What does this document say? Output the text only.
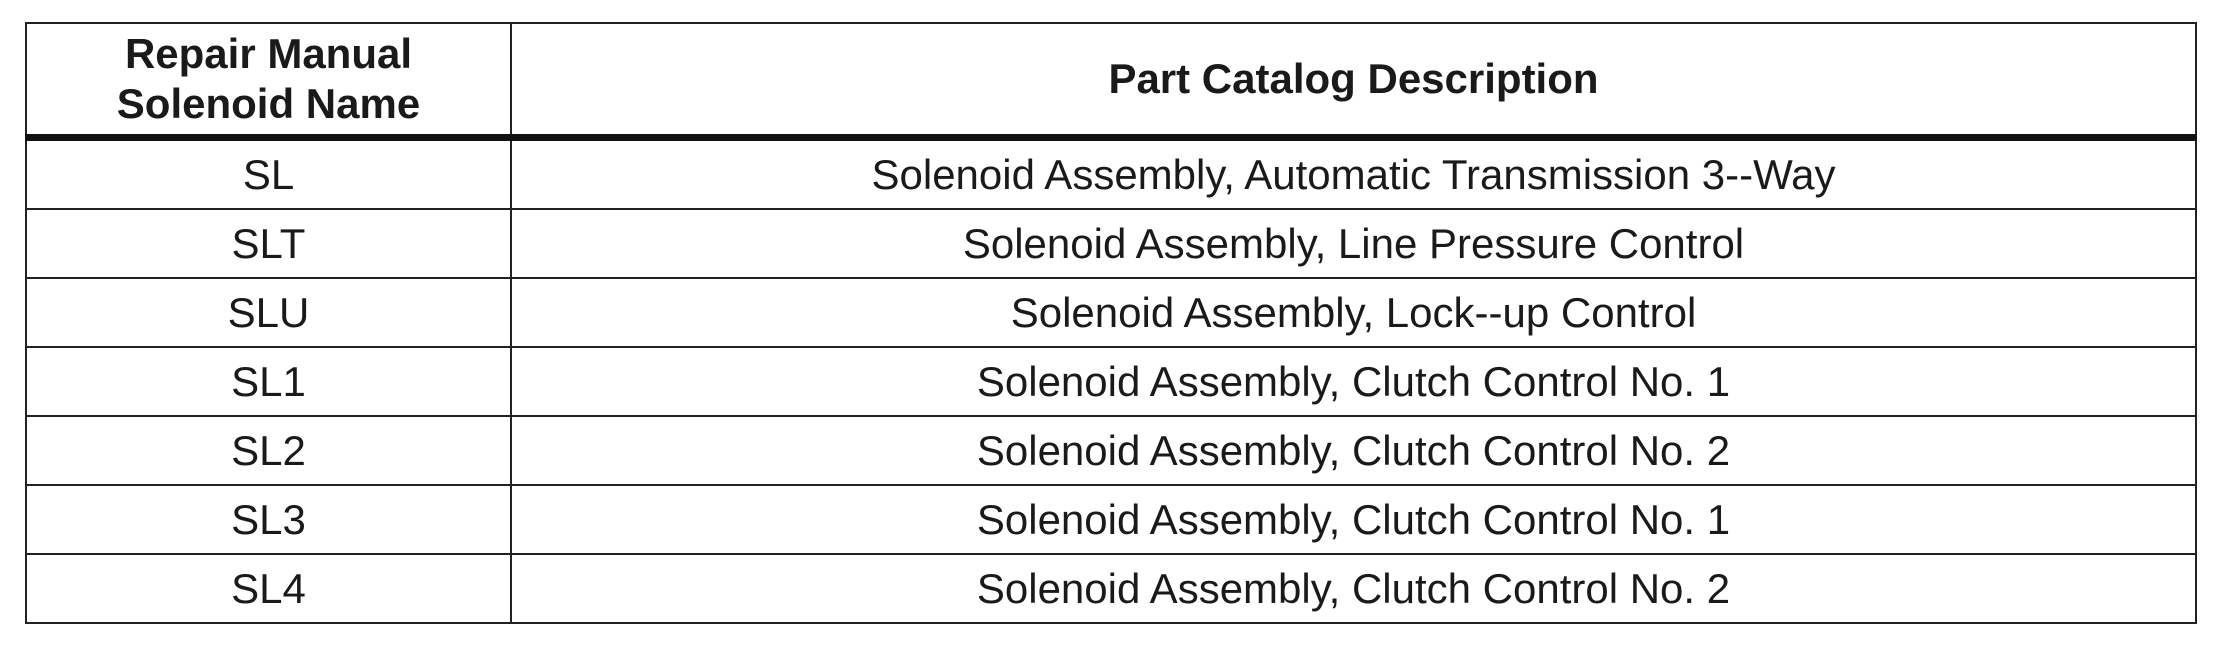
Repair Manual
Solenoid Name	Part Catalog Description
SL	Solenoid Assembly, Automatic Transmission 3--Way
SLT	Solenoid Assembly, Line Pressure Control
SLU	Solenoid Assembly, Lock--up Control
SL1	Solenoid Assembly, Clutch Control No. 1
SL2	Solenoid Assembly, Clutch Control No. 2
SL3	Solenoid Assembly, Clutch Control No. 1
SL4	Solenoid Assembly, Clutch Control No. 2
